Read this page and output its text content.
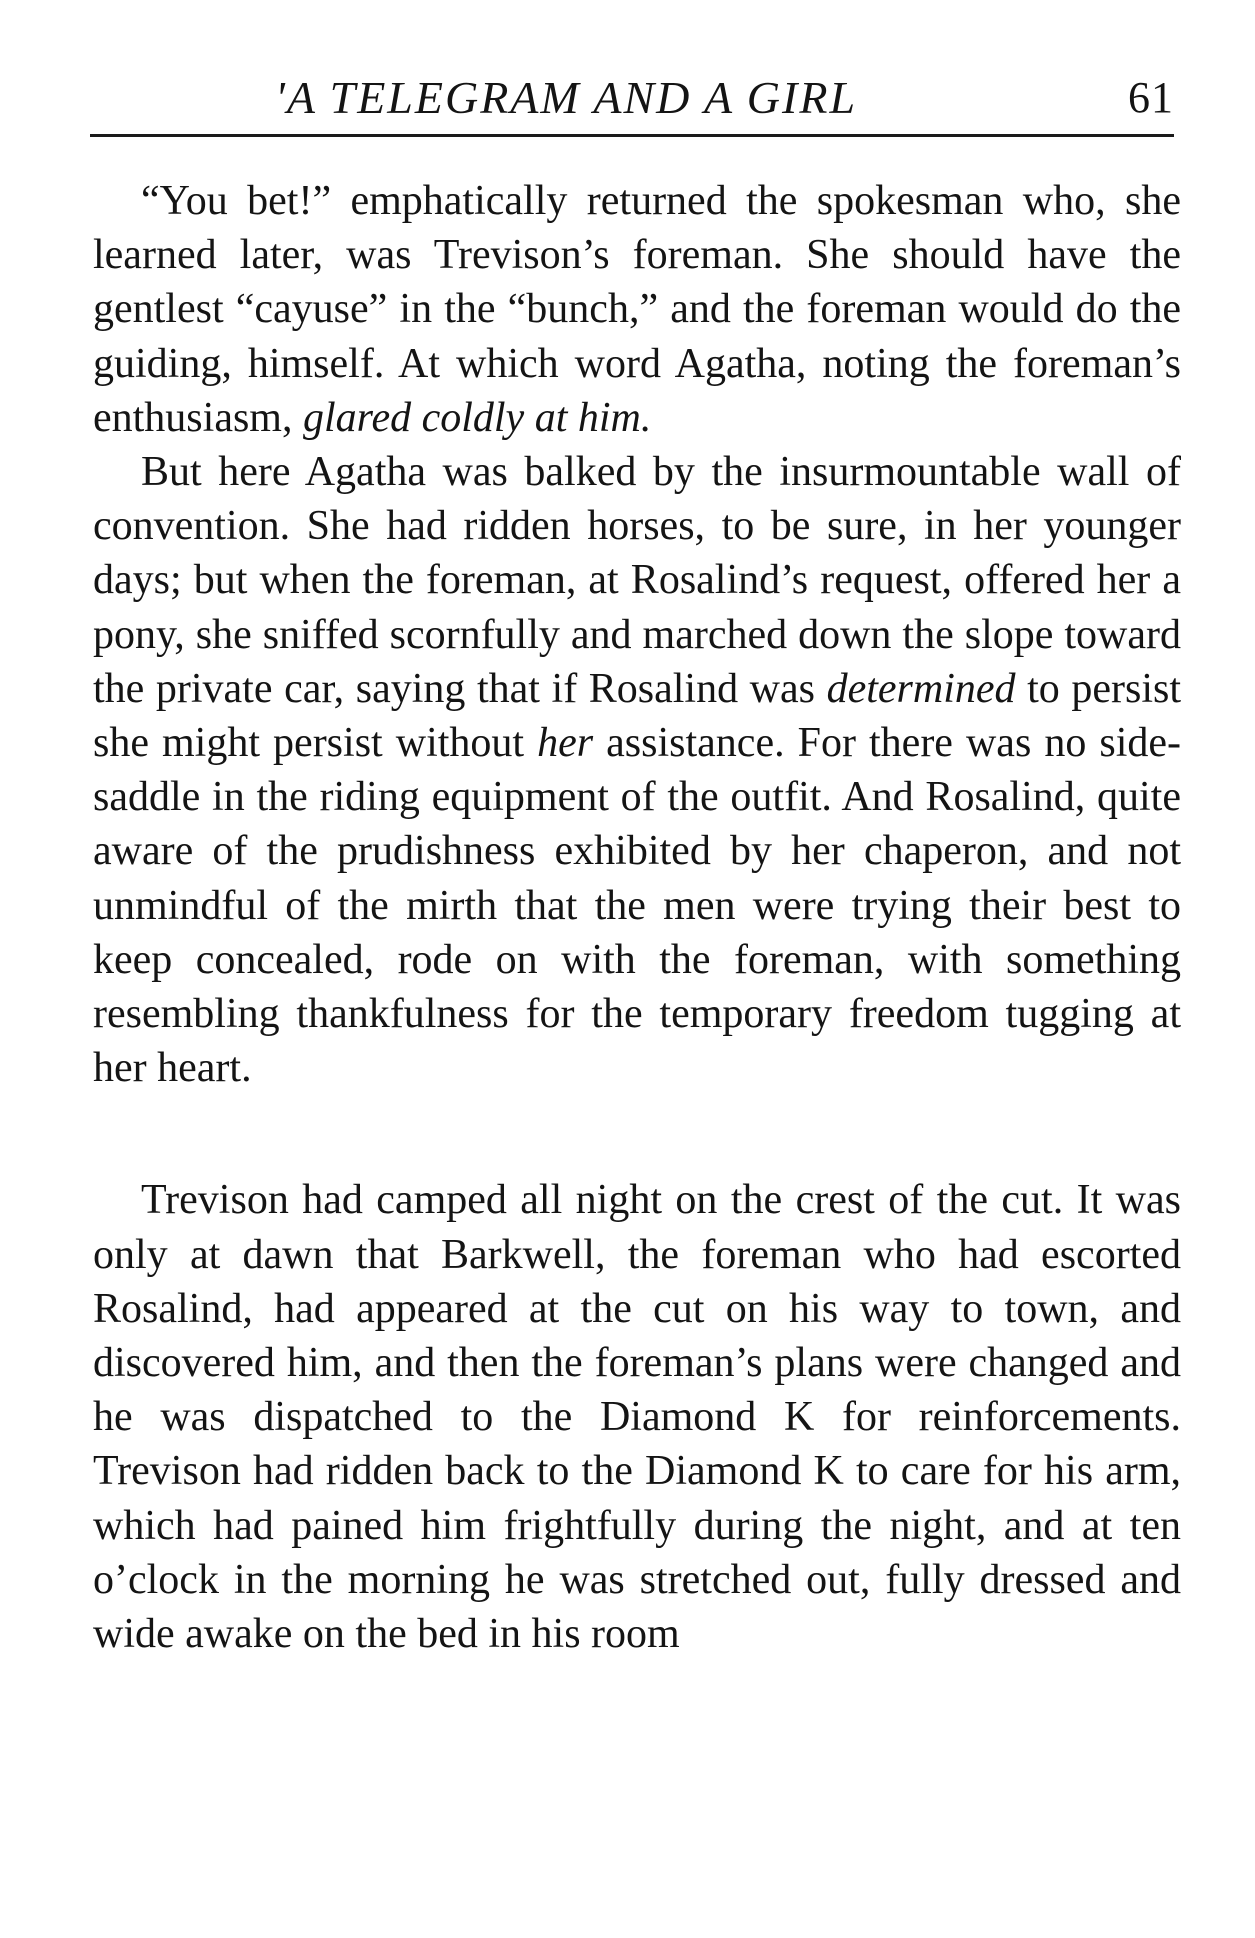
'A TELEGRAM AND A GIRL	61

“You bet!” emphatically returned the spokesman who, she learned later, was Trevison’s foreman. She should have the gentlest “cayuse” in the “bunch,” and the foreman would do the guiding, himself. At which word Agatha, noting the foreman’s enthusiasm, glared coldly at him.

But here Agatha was balked by the insurmountable wall of convention. She had ridden horses, to be sure, in her younger days; but when the foreman, at Rosalind’s request, offered her a pony, she sniffed scornfully and marched down the slope toward the private car, saying that if Rosalind was determined to persist she might persist without her assistance. For there was no side-saddle in the riding equipment of the outfit. And Rosalind, quite aware of the prudishness exhibited by her chaperon, and not unmindful of the mirth that the men were trying their best to keep concealed, rode on with the foreman, with something resembling thankfulness for the temporary freedom tugging at her heart.

Trevison had camped all night on the crest of the cut. It was only at dawn that Barkwell, the foreman who had escorted Rosalind, had appeared at the cut on his way to town, and discovered him, and then the foreman’s plans were changed and he was dispatched to the Diamond K for reinforcements. Trevison had ridden back to the Diamond K to care for his arm, which had pained him frightfully during the night, and at ten o’clock in the morning he was stretched out, fully dressed and wide awake on the bed in his room
